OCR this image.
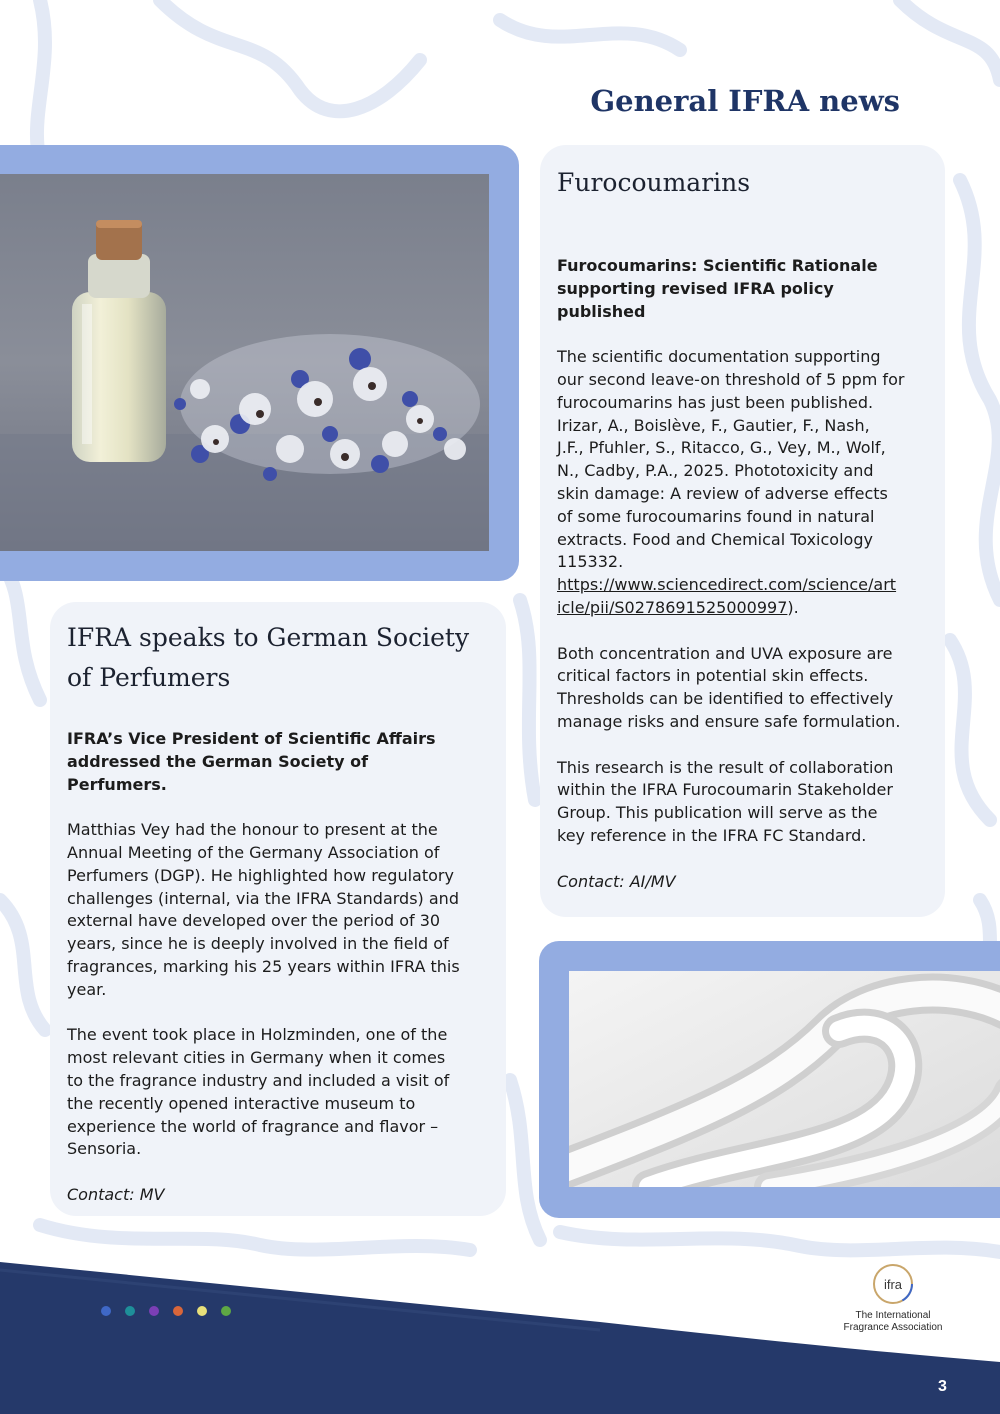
General IFRA news
Furocoumarins
Furocoumarins: Scientific Rationale
supporting revised IFRA policy
published

The scientific documentation supporting
our second leave-on threshold of 5 ppm for
furocoumarins has just been published.
Irizar, A., Boislève, F., Gautier, F., Nash,
J.F., Pfuhler, S., Ritacco, G., Vey, M., Wolf,
N., Cadby, P.A., 2025. Phototoxicity and
skin damage: A review of adverse effects
of some furocoumarins found in natural
extracts. Food and Chemical Toxicology
115332.
https://www.sciencedirect.com/science/art
icle/pii/S0278691525000997).

Both concentration and UVA exposure are
critical factors in potential skin effects.
Thresholds can be identified to effectively
manage risks and ensure safe formulation.

This research is the result of collaboration
within the IFRA Furocoumarin Stakeholder
Group. This publication will serve as the
key reference in the IFRA FC Standard.

Contact: AI/MV

IFRA speaks to German Society
of Perfumers
IFRA’s Vice President of Scientific Affairs
addressed the German Society of
Perfumers.

Matthias Vey had the honour to present at the
Annual Meeting of the Germany Association of
Perfumers (DGP). He highlighted how regulatory
challenges (internal, via the IFRA Standards) and
external have developed over the period of 30
years, since he is deeply involved in the field of
fragrances, marking his 25 years within IFRA this
year.

The event took place in Holzminden, one of the
most relevant cities in Germany when it comes
to the fragrance industry and included a visit of
the recently opened interactive museum to
experience the world of fragrance and flavor –
Sensoria.

Contact: MV

ifra
The International
Fragrance Association
3
